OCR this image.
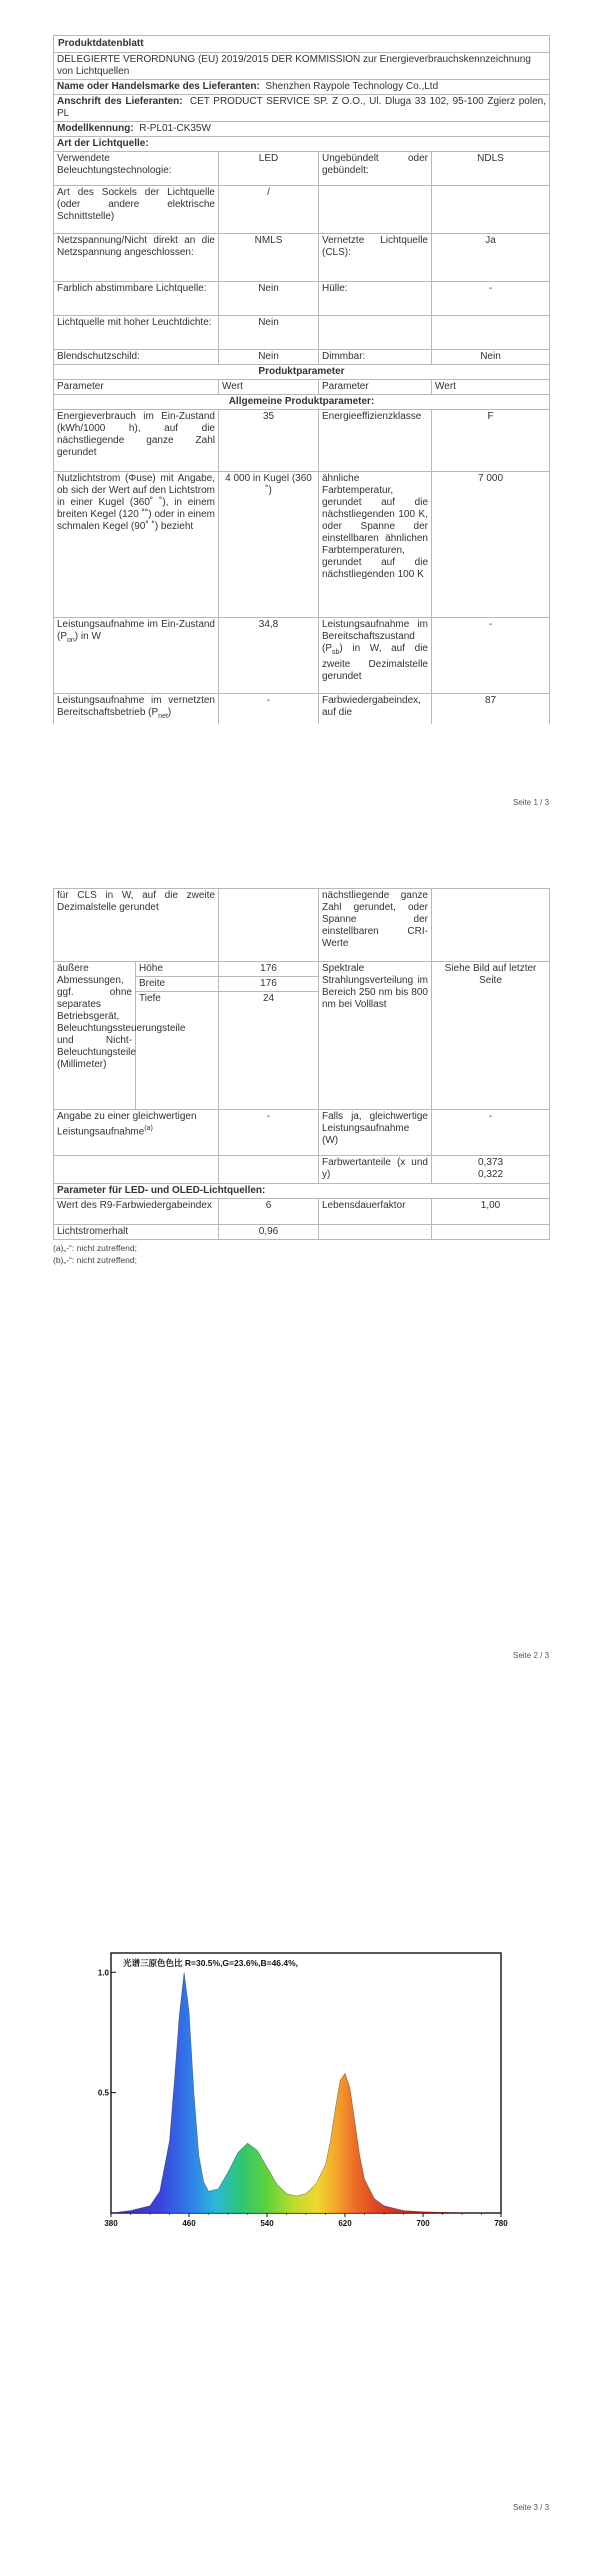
Produktdatenblatt			
DELEGIERTE VERORDNUNG (EU) 2019/2015 DER KOMMISSION zur Energieverbrauchskennzeichnung von Lichtquellen			
Name oder Handelsmarke des Lieferanten: Shenzhen Raypole Technology Co.,Ltd			
Anschrift des Lieferanten: CET PRODUCT SERVICE SP. Z O.O., Ul. Dluga 33 102, 95-100 Zgierz polen, PL			
Modellkennung: R-PL01-CK35W			
Art der Lichtquelle:			
Verwendete Beleuchtungstechnologie:	LED	Ungebündelt oder gebündelt:	NDLS
Art des Sockels der Lichtquelle (oder andere elektrische Schnittstelle)	/		
Netzspannung/Nicht direkt an die Netzspannung angeschlossen:	NMLS	Vernetzte Lichtquelle (CLS):	Ja
Farblich abstimmbare Lichtquelle:	Nein	Hülle:	-
Lichtquelle mit hoher Leuchtdichte:	Nein		
Blendschutzschild:	Nein	Dimmbar:	Nein
Produktparameter			
Parameter	Wert	Parameter	Wert
Allgemeine Produktparameter:			
Energieverbrauch im Ein-Zustand (kWh/1000 h), auf die nächstliegende ganze Zahl gerundet	35	Energieeffizienzklasse	F
Nutzlichtstrom (Φuse) mit Angabe, ob sich der Wert auf den Lichtstrom in einer Kugel (360˚ ˚), in einem breiten Kegel (120 ˚˚) oder in einem schmalen Kegel (90˚ ˚) bezieht	4 000 in Kugel (360 ˚)	ähnliche Farbtemperatur, gerundet auf die nächstliegenden 100 K, oder Spanne der einstellbaren ähnlichen Farbtemperaturen, gerundet auf die nächstliegenden 100 K	7 000
Leistungsaufnahme im Ein-Zustand $(P_{on})$ in W	34,8	Leistungsaufnahme im Bereitschaftszustand $(P_{sb})$ in W, auf die zweite Dezimalstelle gerundet	-
Leistungsaufnahme im vernetzten Bereitschaftsbetrieb $(P_{net})$	-	Farbwiedergabeindex, auf die	87
Seite 1 / 3
für CLS in W, auf die zweite Dezimalstelle gerundet			nächstliegende ganze Zahl gerundet, oder Spanne der einstellbaren CRI-Werte	
äußere Abmessungen, ggf. ohne separates Betriebsgerät, Beleuchtungssteuerungsteile und Nicht-Beleuchtungsteile (Millimeter)	Höhe	176	Spektrale Strahlungsverteilung im Bereich 250 nm bis 800 nm bei Volllast	Siehe Bild auf letzter Seite
	Breite	176		
	Tiefe	24		
Angabe zu einer gleichwertigen Leistungsaufnahme$^{(a)}$		-	Falls ja, gleichwertige Leistungsaufnahme (W)	-
			Farbwertanteile (x und y)	0,373
0,322

Parameter für LED- und OLED-Lichtquellen:				
Wert des R9-Farbwiedergabeindex		6	Lebensdauerfaktor	1,00
Lichtstromerhalt		0,96		
(a)„-“: nicht zutreffend;
(b)„-“: nicht zutreffend;
Seite 2 / 3
380	460	540	620	700	780
0.5
1.0
光谱三原色色比 R=30.5%,G=23.6%,B=46.4%,
Seite 3 / 3
